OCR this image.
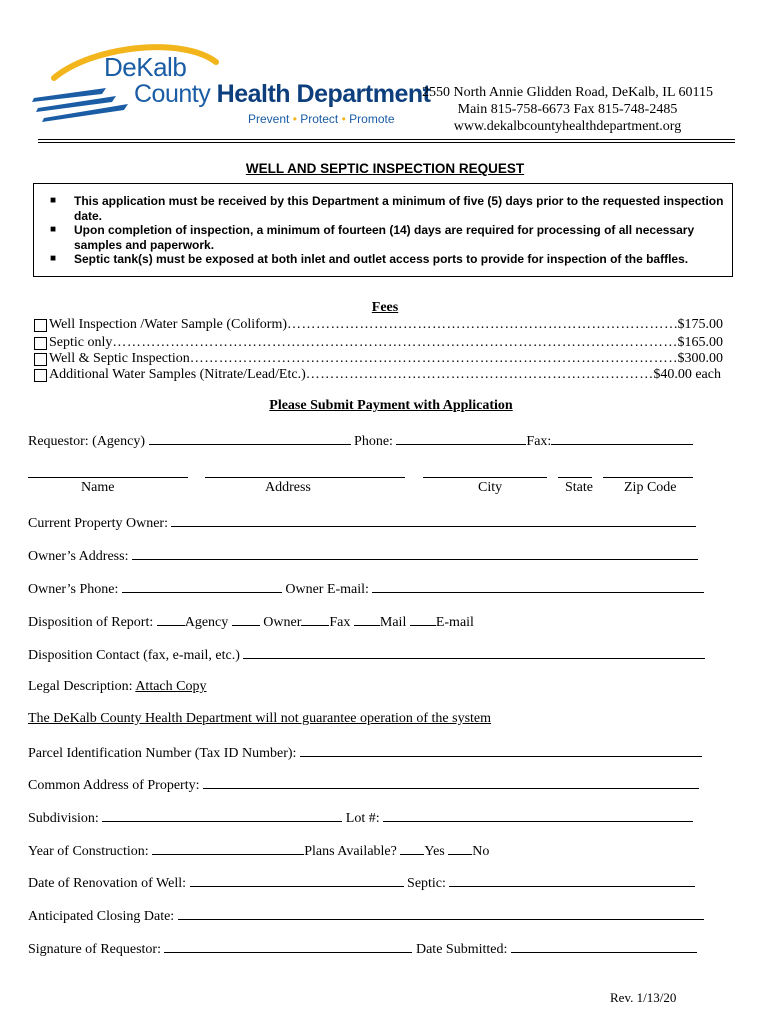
DeKalb
County Health Department
Prevent • Protect • Promote
2550 North Annie Glidden Road, DeKalb, IL 60115
Main 815-758-6673 Fax 815-748-2485
www.dekalbcountyhealthdepartment.org
WELL AND SEPTIC INSPECTION REQUEST
■ This application must be received by this Department a minimum of five (5) days prior to the requested inspection date.
■ Upon completion of inspection, a minimum of fourteen (14) days are required for processing of all necessary samples and paperwork.
■ Septic tank(s) must be exposed at both inlet and outlet access ports to provide for inspection of the baffles.
Fees
Well Inspection /Water Sample (Coliform) ………………………………………………………………………………………………………………………………	$175.00
Septic only ………………………………………………………………………………………………………………………………	$165.00
Well & Septic Inspection ………………………………………………………………………………………………………………………………	$300.00
Additional Water Samples (Nitrate/Lead/Etc.) ………………………………………………………………………………………………………………………………	$40.00 each
Please Submit Payment with Application
Requestor: (Agency)	Phone:	Fax:
Name	Address	City	State Zip Code
Current Property Owner:
Owner’s Address:
Owner’s Phone:	Owner E-mail:
Disposition of Report: Agency	Owner Fax Mail E-mail
Disposition Contact (fax, e-mail, etc.)
Legal Description: Attach Copy
The DeKalb County Health Department will not guarantee operation of the system
Parcel Identification Number (Tax ID Number):
Common Address of Property:
Subdivision:	Lot #:
Year of Construction:	Plans Available? Yes No
Date of Renovation of Well:	Septic:
Anticipated Closing Date:
Signature of Requestor:	Date Submitted:
Rev. 1/13/20
